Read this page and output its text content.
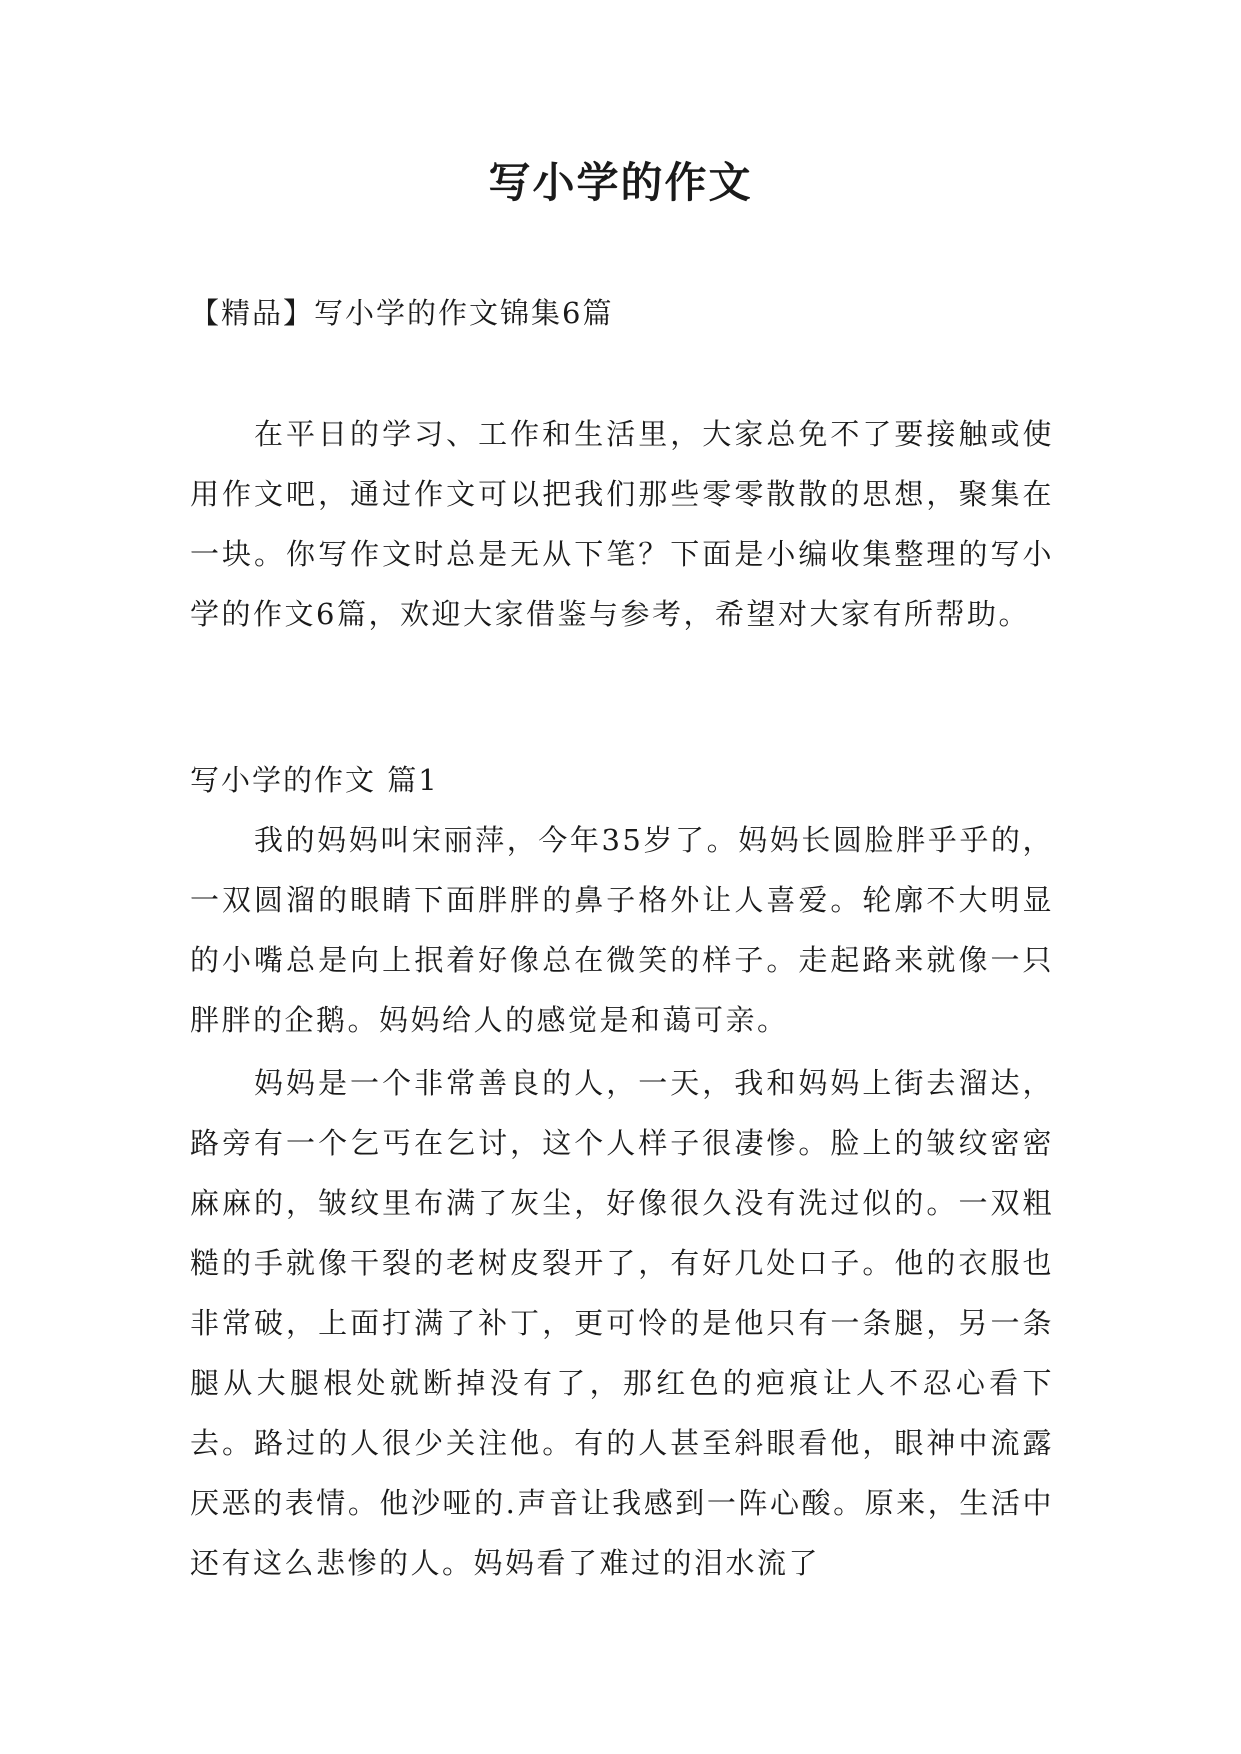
写小学的作文
【精品】写小学的作文锦集6篇

在平日的学习、工作和生活里，大家总免不了要接触或使用作文吧，通过作文可以把我们那些零零散散的思想，聚集在一块。你写作文时总是无从下笔？下面是小编收集整理的写小学的作文6篇，欢迎大家借鉴与参考，希望对大家有所帮助。

写小学的作文 篇1

我的妈妈叫宋丽萍，今年35岁了。妈妈长圆脸胖乎乎的，一双圆溜的眼睛下面胖胖的鼻子格外让人喜爱。轮廓不大明显的小嘴总是向上抿着好像总在微笑的样子。走起路来就像一只胖胖的企鹅。妈妈给人的感觉是和蔼可亲。

妈妈是一个非常善良的人，一天，我和妈妈上街去溜达，路旁有一个乞丐在乞讨，这个人样子很凄惨。脸上的皱纹密密麻麻的，皱纹里布满了灰尘，好像很久没有洗过似的。一双粗糙的手就像干裂的老树皮裂开了，有好几处口子。他的衣服也非常破，上面打满了补丁，更可怜的是他只有一条腿，另一条腿从大腿根处就断掉没有了，那红色的疤痕让人不忍心看下去。路过的人很少关注他。有的人甚至斜眼看他，眼神中流露厌恶的表情。他沙哑的.声音让我感到一阵心酸。原来，生活中还有这么悲惨的人。妈妈看了难过的泪水流了
